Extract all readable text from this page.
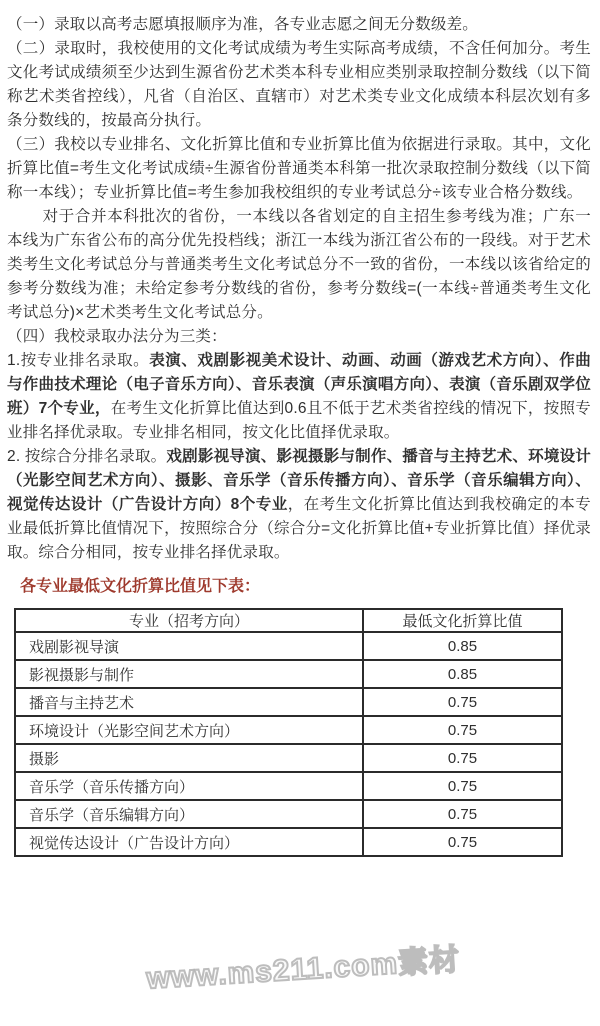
（一）录取以高考志愿填报顺序为准，各专业志愿之间无分数级差。

（二）录取时，我校使用的文化考试成绩为考生实际高考成绩，不含任何加分。考生文化考试成绩须至少达到生源省份艺术类本科专业相应类别录取控制分数线（以下简称艺术类省控线），凡省（自治区、直辖市）对艺术类专业文化成绩本科层次划有多条分数线的，按最高分执行。

（三）我校以专业排名、文化折算比值和专业折算比值为依据进行录取。其中，文化折算比值=考生文化考试成绩÷生源省份普通类本科第一批次录取控制分数线（以下简称一本线）；专业折算比值=考生参加我校组织的专业考试总分÷该专业合格分数线。

对于合并本科批次的省份，一本线以各省划定的自主招生参考线为准；广东一本线为广东省公布的高分优先投档线；浙江一本线为浙江省公布的一段线。对于艺术类考生文化考试总分与普通类考生文化考试总分不一致的省份，一本线以该省给定的参考分数线为准；未给定参考分数线的省份，参考分数线=(一本线÷普通类考生文化考试总分)×艺术类考生文化考试总分。

（四）我校录取办法分为三类：

1.按专业排名录取。表演、戏剧影视美术设计、动画、动画（游戏艺术方向）、作曲与作曲技术理论（电子音乐方向）、音乐表演（声乐演唱方向）、表演（音乐剧双学位班）7个专业，在考生文化折算比值达到0.6且不低于艺术类省控线的情况下，按照专业排名择优录取。专业排名相同，按文化比值择优录取。

2. 按综合分排名录取。戏剧影视导演、影视摄影与制作、播音与主持艺术、环境设计（光影空间艺术方向）、摄影、音乐学（音乐传播方向）、音乐学（音乐编辑方向）、视觉传达设计（广告设计方向）8个专业，在考生文化折算比值达到我校确定的本专业最低折算比值情况下，按照综合分（综合分=文化折算比值+专业折算比值）择优录取。综合分相同，按专业排名择优录取。

各专业最低文化折算比值见下表：
专业（招考方向）	最低文化折算比值
戏剧影视导演	0.85
影视摄影与制作	0.85
播音与主持艺术	0.75
环境设计（光影空间艺术方向）	0.75
摄影	0.75
音乐学（音乐传播方向）	0.75
音乐学（音乐编辑方向）	0.75
视觉传达设计（广告设计方向）	0.75
www.ms211.com素材
